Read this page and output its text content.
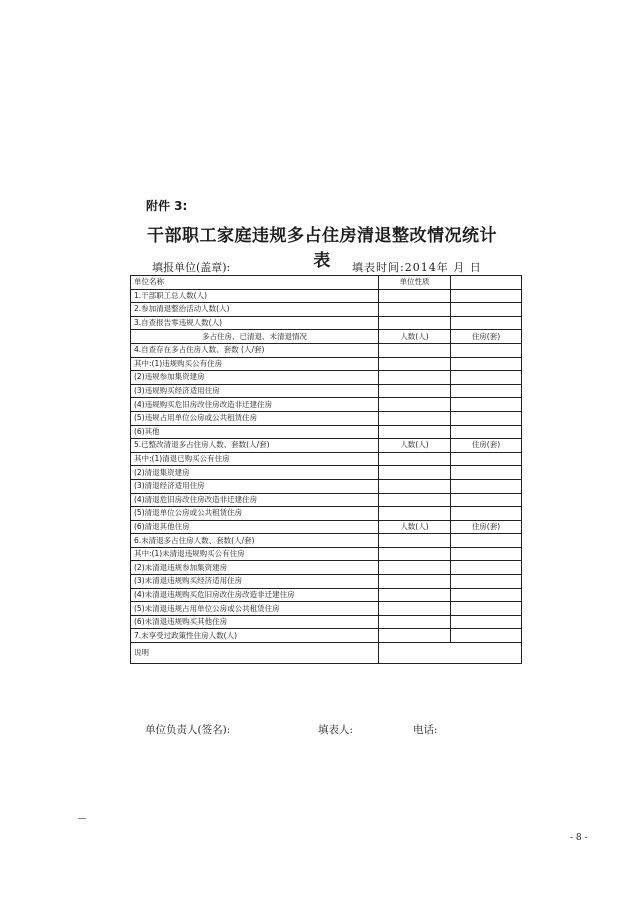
附件 3:
干部职工家庭违规多占住房清退整改情况统计表
填报单位(盖章):	填表时间:2014年 月 日
单位名称	单位性质	
1.干部职工总人数(人)		
2.参加清退整治活动人数(人)		
3.自查报告零违规人数(人)		
多占住房、已清退、未清退情况	人数(人)	住房(套)
4.自查存在多占住房人数、套数 (人/套)		
其中:(1)违规购买公有住房		
(2)违规参加集资建房		
(3)违规购买经济适用住房		
(4)违规购买危旧房改住房改造非迁建住房		
(5)违规占用单位公房或公共租赁住房		
(6)其他		
5.已整改清退多占住房人数、套数(人/套)	人数(人)	住房(套)
其中:(1)清退已购买公有住房		
(2)清退集资建房		
(3)清退经济适用住房		
(4)清退危旧房改住房改造非迁建住房		
(5)清退单位公房或公共租赁住房		
(6)清退其他住房	人数(人)	住房(套)
6.未清退多占住房人数、套数(人/套)		
其中:(1)未清退违规购买公有住房		
(2)未清退违规参加集资建房		
(3)未清退违规购买经济适用住房		
(4)未清退违规购买危旧房改住房改造非迁建住房		
(5)未清退违规占用单位公房或公共租赁住房		
(6)未清退违规购买其他住房		
7.未享受过政策性住房人数(人)		
说明		
单位负责人(签名):	填表人:	电话:
- 8 -
